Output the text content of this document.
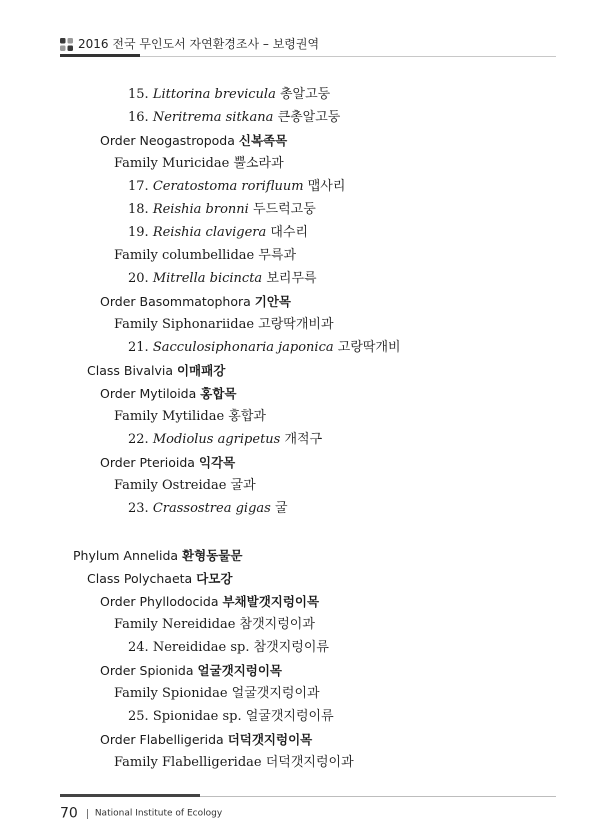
2016 전국 무인도서 자연환경조사 – 보령권역
15. Littorina brevicula 총알고둥
16. Neritrema sitkana 큰총알고둥
Order Neogastropoda 신복족목
Family Muricidae 뿔소라과
17. Ceratostoma rorifluum 맵사리
18. Reishia bronni 두드럭고둥
19. Reishia clavigera 대수리
Family columbellidae 무륵과
20. Mitrella bicincta 보리무륵
Order Basommatophora 기안목
Family Siphonariidae 고랑딱개비과
21. Sacculosiphonaria japonica 고랑딱개비
Class Bivalvia 이매패강
Order Mytiloida 홍합목
Family Mytilidae 홍합과
22. Modiolus agripetus 개적구
Order Pterioida 익각목
Family Ostreidae 굴과
23. Crassostrea gigas 굴
Phylum Annelida 환형동물문
Class Polychaeta 다모강
Order Phyllodocida 부채발갯지렁이목
Family Nereididae 참갯지렁이과
24. Nereididae sp. 참갯지렁이류
Order Spionida 얼굴갯지렁이목
Family Spionidae 얼굴갯지렁이과
25. Spionidae sp. 얼굴갯지렁이류
Order Flabelligerida 더덕갯지렁이목
Family Flabelligeridae 더덕갯지렁이과
70 National Institute of Ecology
